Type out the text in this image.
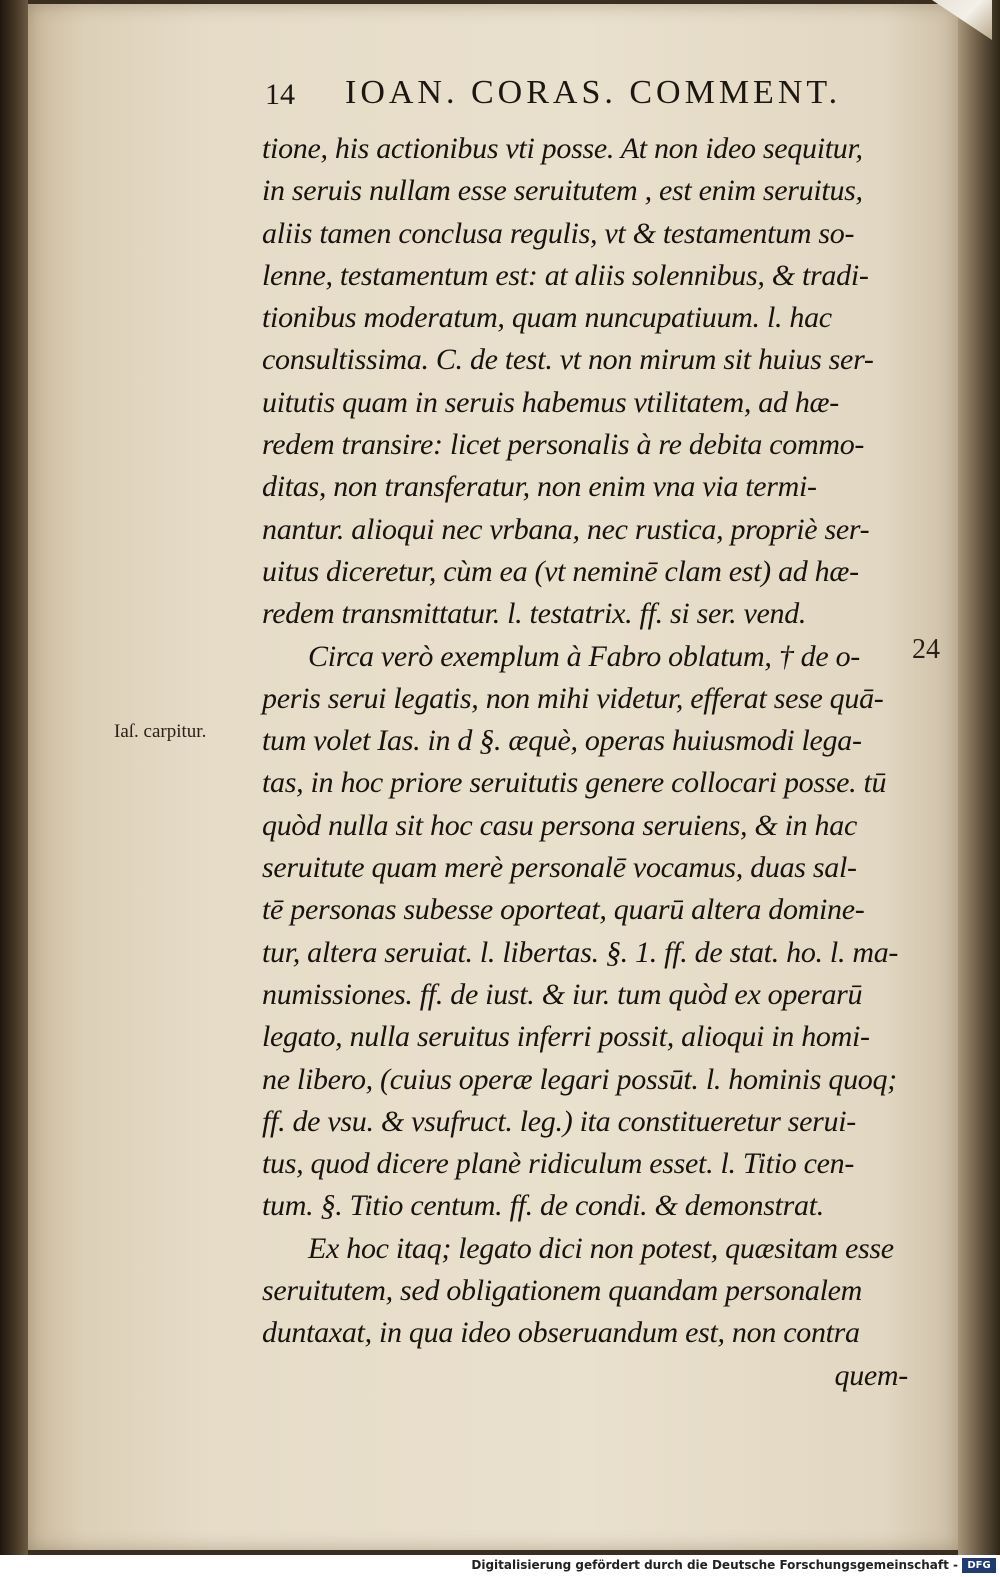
14 IOAN. CORAS. COMMENT.
Iaſ. carpitur.
24
tione, his actionibus vti posse. At non ideo sequitur,
in seruis nullam esse seruitutem , est enim seruitus,
aliis tamen conclusa regulis, vt & testamentum so-
lenne, testamentum est: at aliis solennibus, & tradi-
tionibus moderatum, quam nuncupatiuum. l. hac
consultissima. C. de test. vt non mirum sit huius ser-
uitutis quam in seruis habemus vtilitatem, ad hæ-
redem transire: licet personalis à re debita commo-
ditas, non transferatur, non enim vna via termi-
nantur. alioqui nec vrbana, nec rustica, propriè ser-
uitus diceretur, cùm ea (vt neminē clam est) ad hæ-
redem transmittatur. l. testatrix. ff. si ser. vend.
Circa verò exemplum à Fabro oblatum, † de o-
peris serui legatis, non mihi videtur, efferat sese quā-
tum volet Ias. in d §. æquè, operas huiusmodi lega-
tas, in hoc priore seruitutis genere collocari posse. tū
quòd nulla sit hoc casu persona seruiens, & in hac
seruitute quam merè personalē vocamus, duas sal-
tē personas subesse oporteat, quarū altera domine-
tur, altera seruiat. l. libertas. §. 1. ff. de stat. ho. l. ma-
numissiones. ff. de iust. & iur. tum quòd ex operarū
legato, nulla seruitus inferri possit, alioqui in homi-
ne libero, (cuius operæ legari possūt. l. hominis quoq;
ff. de vsu. & vsufruct. leg.) ita constitueretur serui-
tus, quod dicere planè ridiculum esset. l. Titio cen-
tum. §. Titio centum. ff. de condi. & demonstrat.
Ex hoc itaq; legato dici non potest, quæsitam esse
seruitutem, sed obligationem quandam personalem
duntaxat, in qua ideo obseruandum est, non contra
quem-
Digitalisierung gefördert durch die Deutsche Forschungsgemeinschaft - DFG
